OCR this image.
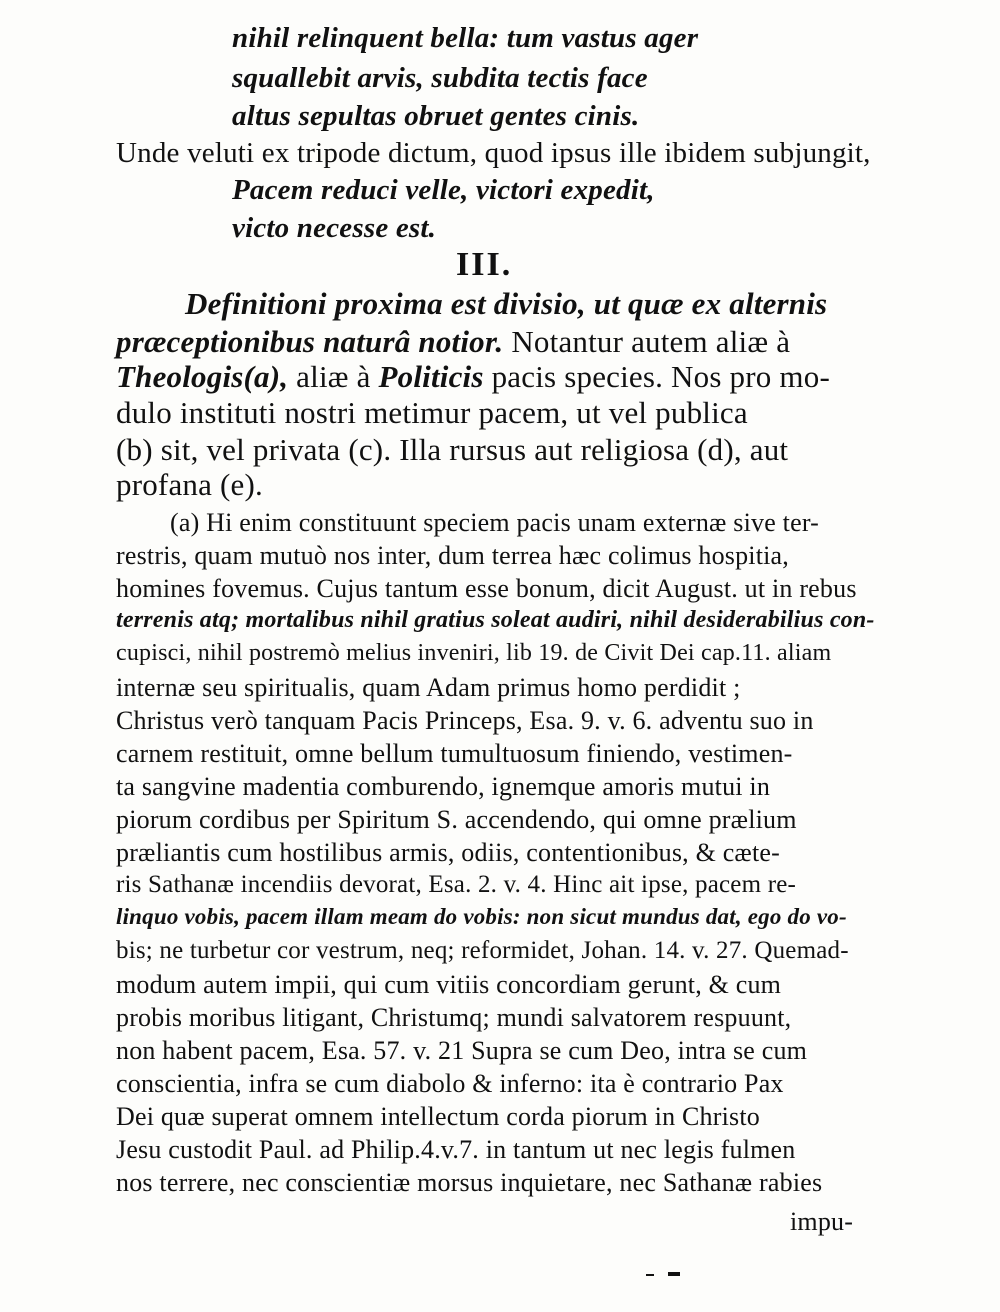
nihil relinquent bella: tum vastus ager
squallebit arvis, subdita tectis face
altus sepultas obruet gentes cinis.
Unde veluti ex tripode dictum, quod ipsus ille ibidem subjungit,
Pacem reduci velle, victori expedit,
victo necesse est.
III.
Definitioni proxima est divisio, ut quæ ex alternis
præceptionibus naturâ notior. Notantur autem aliæ à
Theologis(a), aliæ à Politicis pacis species. Nos pro mo-
dulo instituti nostri metimur pacem, ut vel publica
(b) sit, vel privata (c). Illa rursus aut religiosa (d), aut
profana (e).
(a) Hi enim constituunt speciem pacis unam externæ sive ter-
restris, quam mutuò nos inter, dum terrea hæc colimus hospitia,
homines fovemus. Cujus tantum esse bonum, dicit August. ut in rebus
terrenis atq; mortalibus nihil gratius soleat audiri, nihil desiderabilius con-
cupisci, nihil postremò melius inveniri, lib 19. de Civit Dei cap.11. aliam
internæ seu spiritualis, quam Adam primus homo perdidit ;
Christus verò tanquam Pacis Princeps, Esa. 9. v. 6. adventu suo in
carnem restituit, omne bellum tumultuosum finiendo, vestimen-
ta sangvine madentia comburendo, ignemque amoris mutui in
piorum cordibus per Spiritum S. accendendo, qui omne prælium
præliantis cum hostilibus armis, odiis, contentionibus, & cæte-
ris Sathanæ incendiis devorat, Esa. 2. v. 4. Hinc ait ipse, pacem re-
linquo vobis, pacem illam meam do vobis: non sicut mundus dat, ego do vo-
bis; ne turbetur cor vestrum, neq; reformidet, Johan. 14. v. 27. Quemad-
modum autem impii, qui cum vitiis concordiam gerunt, & cum
probis moribus litigant, Christumq; mundi salvatorem respuunt,
non habent pacem, Esa. 57. v. 21 Supra se cum Deo, intra se cum
conscientia, infra se cum diabolo & inferno: ita è contrario Pax
Dei quæ superat omnem intellectum corda piorum in Christo
Jesu custodit Paul. ad Philip.4.v.7. in tantum ut nec legis fulmen
nos terrere, nec conscientiæ morsus inquietare, nec Sathanæ rabies
impu-
